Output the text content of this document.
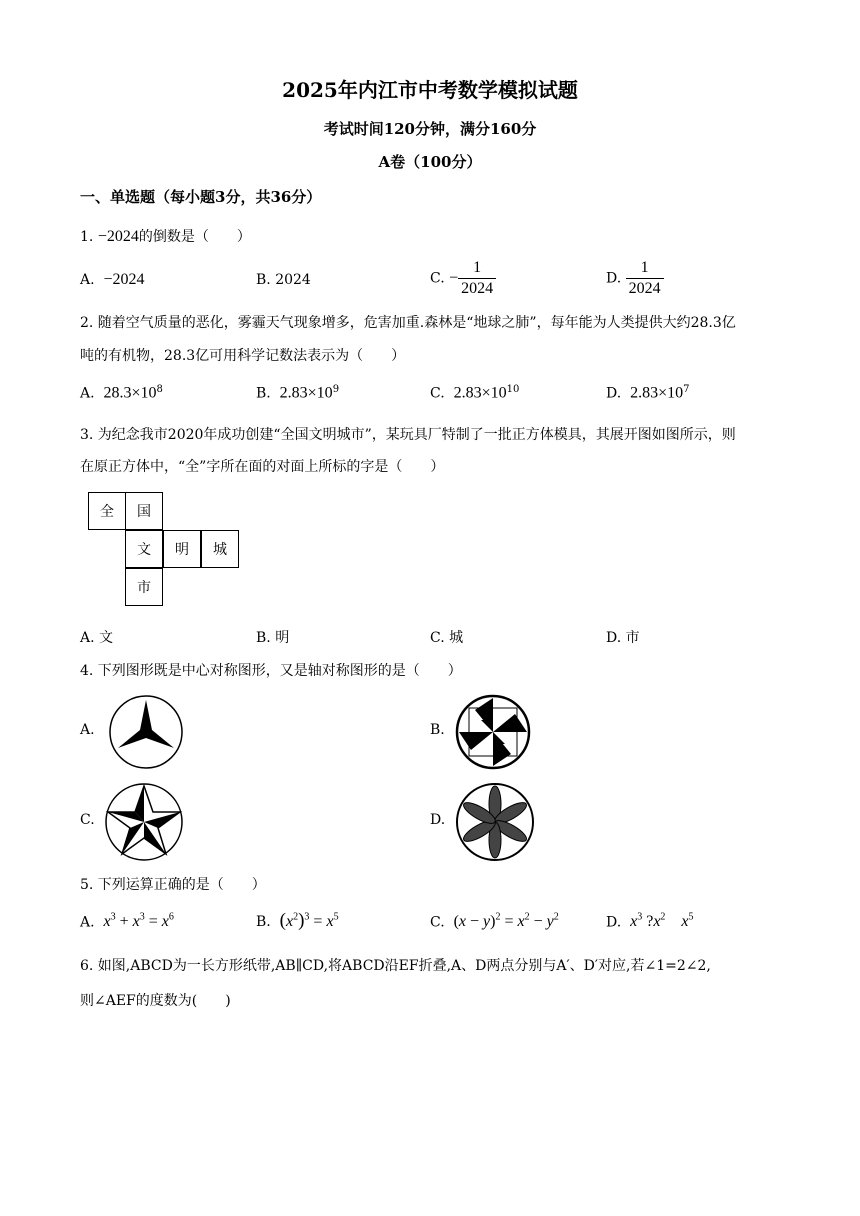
2025年内江市中考数学模拟试题
考试时间120分钟，满分160分
A卷（100分）
一、单选题（每小题3分，共36分）
1. −2024的倒数是（　　）
A. −2024	B. 2024	C. − $\frac{1}{2024}$	D. $\frac{1}{2024}$
2. 随着空气质量的恶化，雾霾天气现象增多，危害加重.森林是“地球之肺”，每年能为人类提供大约28.3亿
吨的有机物，28.3亿可用科学记数法表示为（　　）
A. $28.3\times 10^8$	B. $2.83\times 10^9$	C. $2.83\times 10^{10}$	D. $2.83\times 10^7$
3. 为纪念我市2020年成功创建“全国文明城市”，某玩具厂特制了一批正方体模具，其展开图如图所示，则
在原正方体中，“全”字所在面的对面上所标的字是（　　）
全	国
文	明	城
市
A. 文	B. 明	C. 城	D. 市
4. 下列图形既是中心对称图形，又是轴对称图形的是（　　）
A.	B.
C.	D.
5. 下列运算正确的是（　　）
A. $x^3 + x^3 = x^6$	B. $(x^2)^3 = x^5$	C. $(x - y)^2 = x^2 - y^2$	D. $x^3$ $?x^2$ $x^5$
6. 如图,ABCD为一长方形纸带,AB∥CD,将ABCD沿EF折叠,A、D两点分别与A′、D′对应,若∠1=2∠2,
则∠AEF的度数为(　　)
